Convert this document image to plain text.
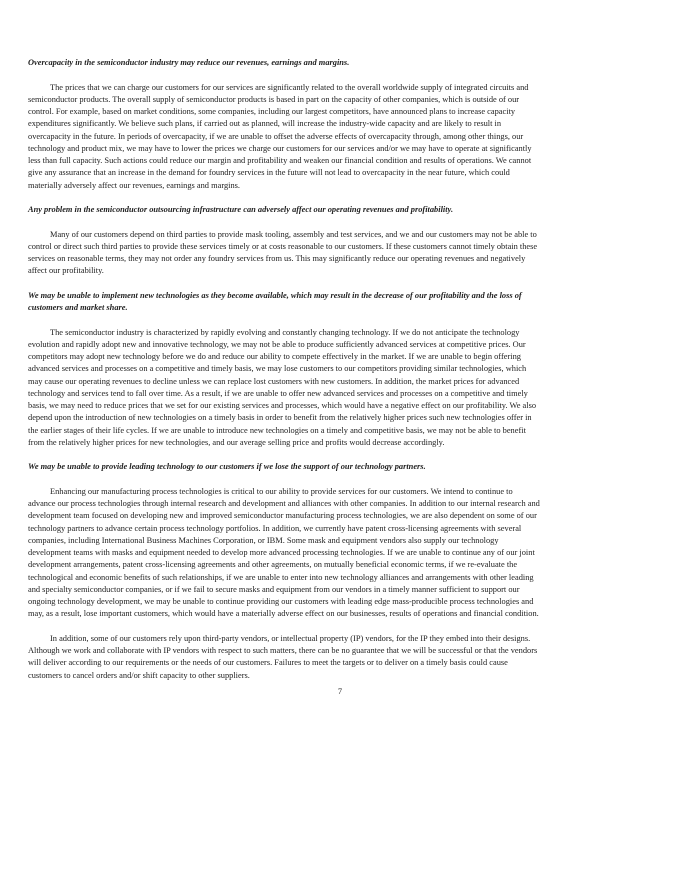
Overcapacity in the semiconductor industry may reduce our revenues, earnings and margins.
The prices that we can charge our customers for our services are significantly related to the overall worldwide supply of integrated circuits and
semiconductor products. The overall supply of semiconductor products is based in part on the capacity of other companies, which is outside of our
control. For example, based on market conditions, some companies, including our largest competitors, have announced plans to increase capacity
expenditures significantly. We believe such plans, if carried out as planned, will increase the industry-wide capacity and are likely to result in
overcapacity in the future. In periods of overcapacity, if we are unable to offset the adverse effects of overcapacity through, among other things, our
technology and product mix, we may have to lower the prices we charge our customers for our services and/or we may have to operate at significantly
less than full capacity. Such actions could reduce our margin and profitability and weaken our financial condition and results of operations. We cannot
give any assurance that an increase in the demand for foundry services in the future will not lead to overcapacity in the near future, which could
materially adversely affect our revenues, earnings and margins.
Any problem in the semiconductor outsourcing infrastructure can adversely affect our operating revenues and profitability.
Many of our customers depend on third parties to provide mask tooling, assembly and test services, and we and our customers may not be able to
control or direct such third parties to provide these services timely or at costs reasonable to our customers. If these customers cannot timely obtain these
services on reasonable terms, they may not order any foundry services from us. This may significantly reduce our operating revenues and negatively
affect our profitability.
We may be unable to implement new technologies as they become available, which may result in the decrease of our profitability and the loss of
customers and market share.
The semiconductor industry is characterized by rapidly evolving and constantly changing technology. If we do not anticipate the technology
evolution and rapidly adopt new and innovative technology, we may not be able to produce sufficiently advanced services at competitive prices. Our
competitors may adopt new technology before we do and reduce our ability to compete effectively in the market. If we are unable to begin offering
advanced services and processes on a competitive and timely basis, we may lose customers to our competitors providing similar technologies, which
may cause our operating revenues to decline unless we can replace lost customers with new customers. In addition, the market prices for advanced
technology and services tend to fall over time. As a result, if we are unable to offer new advanced services and processes on a competitive and timely
basis, we may need to reduce prices that we set for our existing services and processes, which would have a negative effect on our profitability. We also
depend upon the introduction of new technologies on a timely basis in order to benefit from the relatively higher prices such new technologies offer in
the earlier stages of their life cycles. If we are unable to introduce new technologies on a timely and competitive basis, we may not be able to benefit
from the relatively higher prices for new technologies, and our average selling price and profits would decrease accordingly.
We may be unable to provide leading technology to our customers if we lose the support of our technology partners.
Enhancing our manufacturing process technologies is critical to our ability to provide services for our customers. We intend to continue to
advance our process technologies through internal research and development and alliances with other companies. In addition to our internal research and
development team focused on developing new and improved semiconductor manufacturing process technologies, we are also dependent on some of our
technology partners to advance certain process technology portfolios. In addition, we currently have patent cross-licensing agreements with several
companies, including International Business Machines Corporation, or IBM. Some mask and equipment vendors also supply our technology
development teams with masks and equipment needed to develop more advanced processing technologies. If we are unable to continue any of our joint
development arrangements, patent cross-licensing agreements and other agreements, on mutually beneficial economic terms, if we re-evaluate the
technological and economic benefits of such relationships, if we are unable to enter into new technology alliances and arrangements with other leading
and specialty semiconductor companies, or if we fail to secure masks and equipment from our vendors in a timely manner sufficient to support our
ongoing technology development, we may be unable to continue providing our customers with leading edge mass-producible process technologies and
may, as a result, lose important customers, which would have a materially adverse effect on our businesses, results of operations and financial condition.
In addition, some of our customers rely upon third-party vendors, or intellectual property (IP) vendors, for the IP they embed into their designs.
Although we work and collaborate with IP vendors with respect to such matters, there can be no guarantee that we will be successful or that the vendors
will deliver according to our requirements or the needs of our customers. Failures to meet the targets or to deliver on a timely basis could cause
customers to cancel orders and/or shift capacity to other suppliers.
7
